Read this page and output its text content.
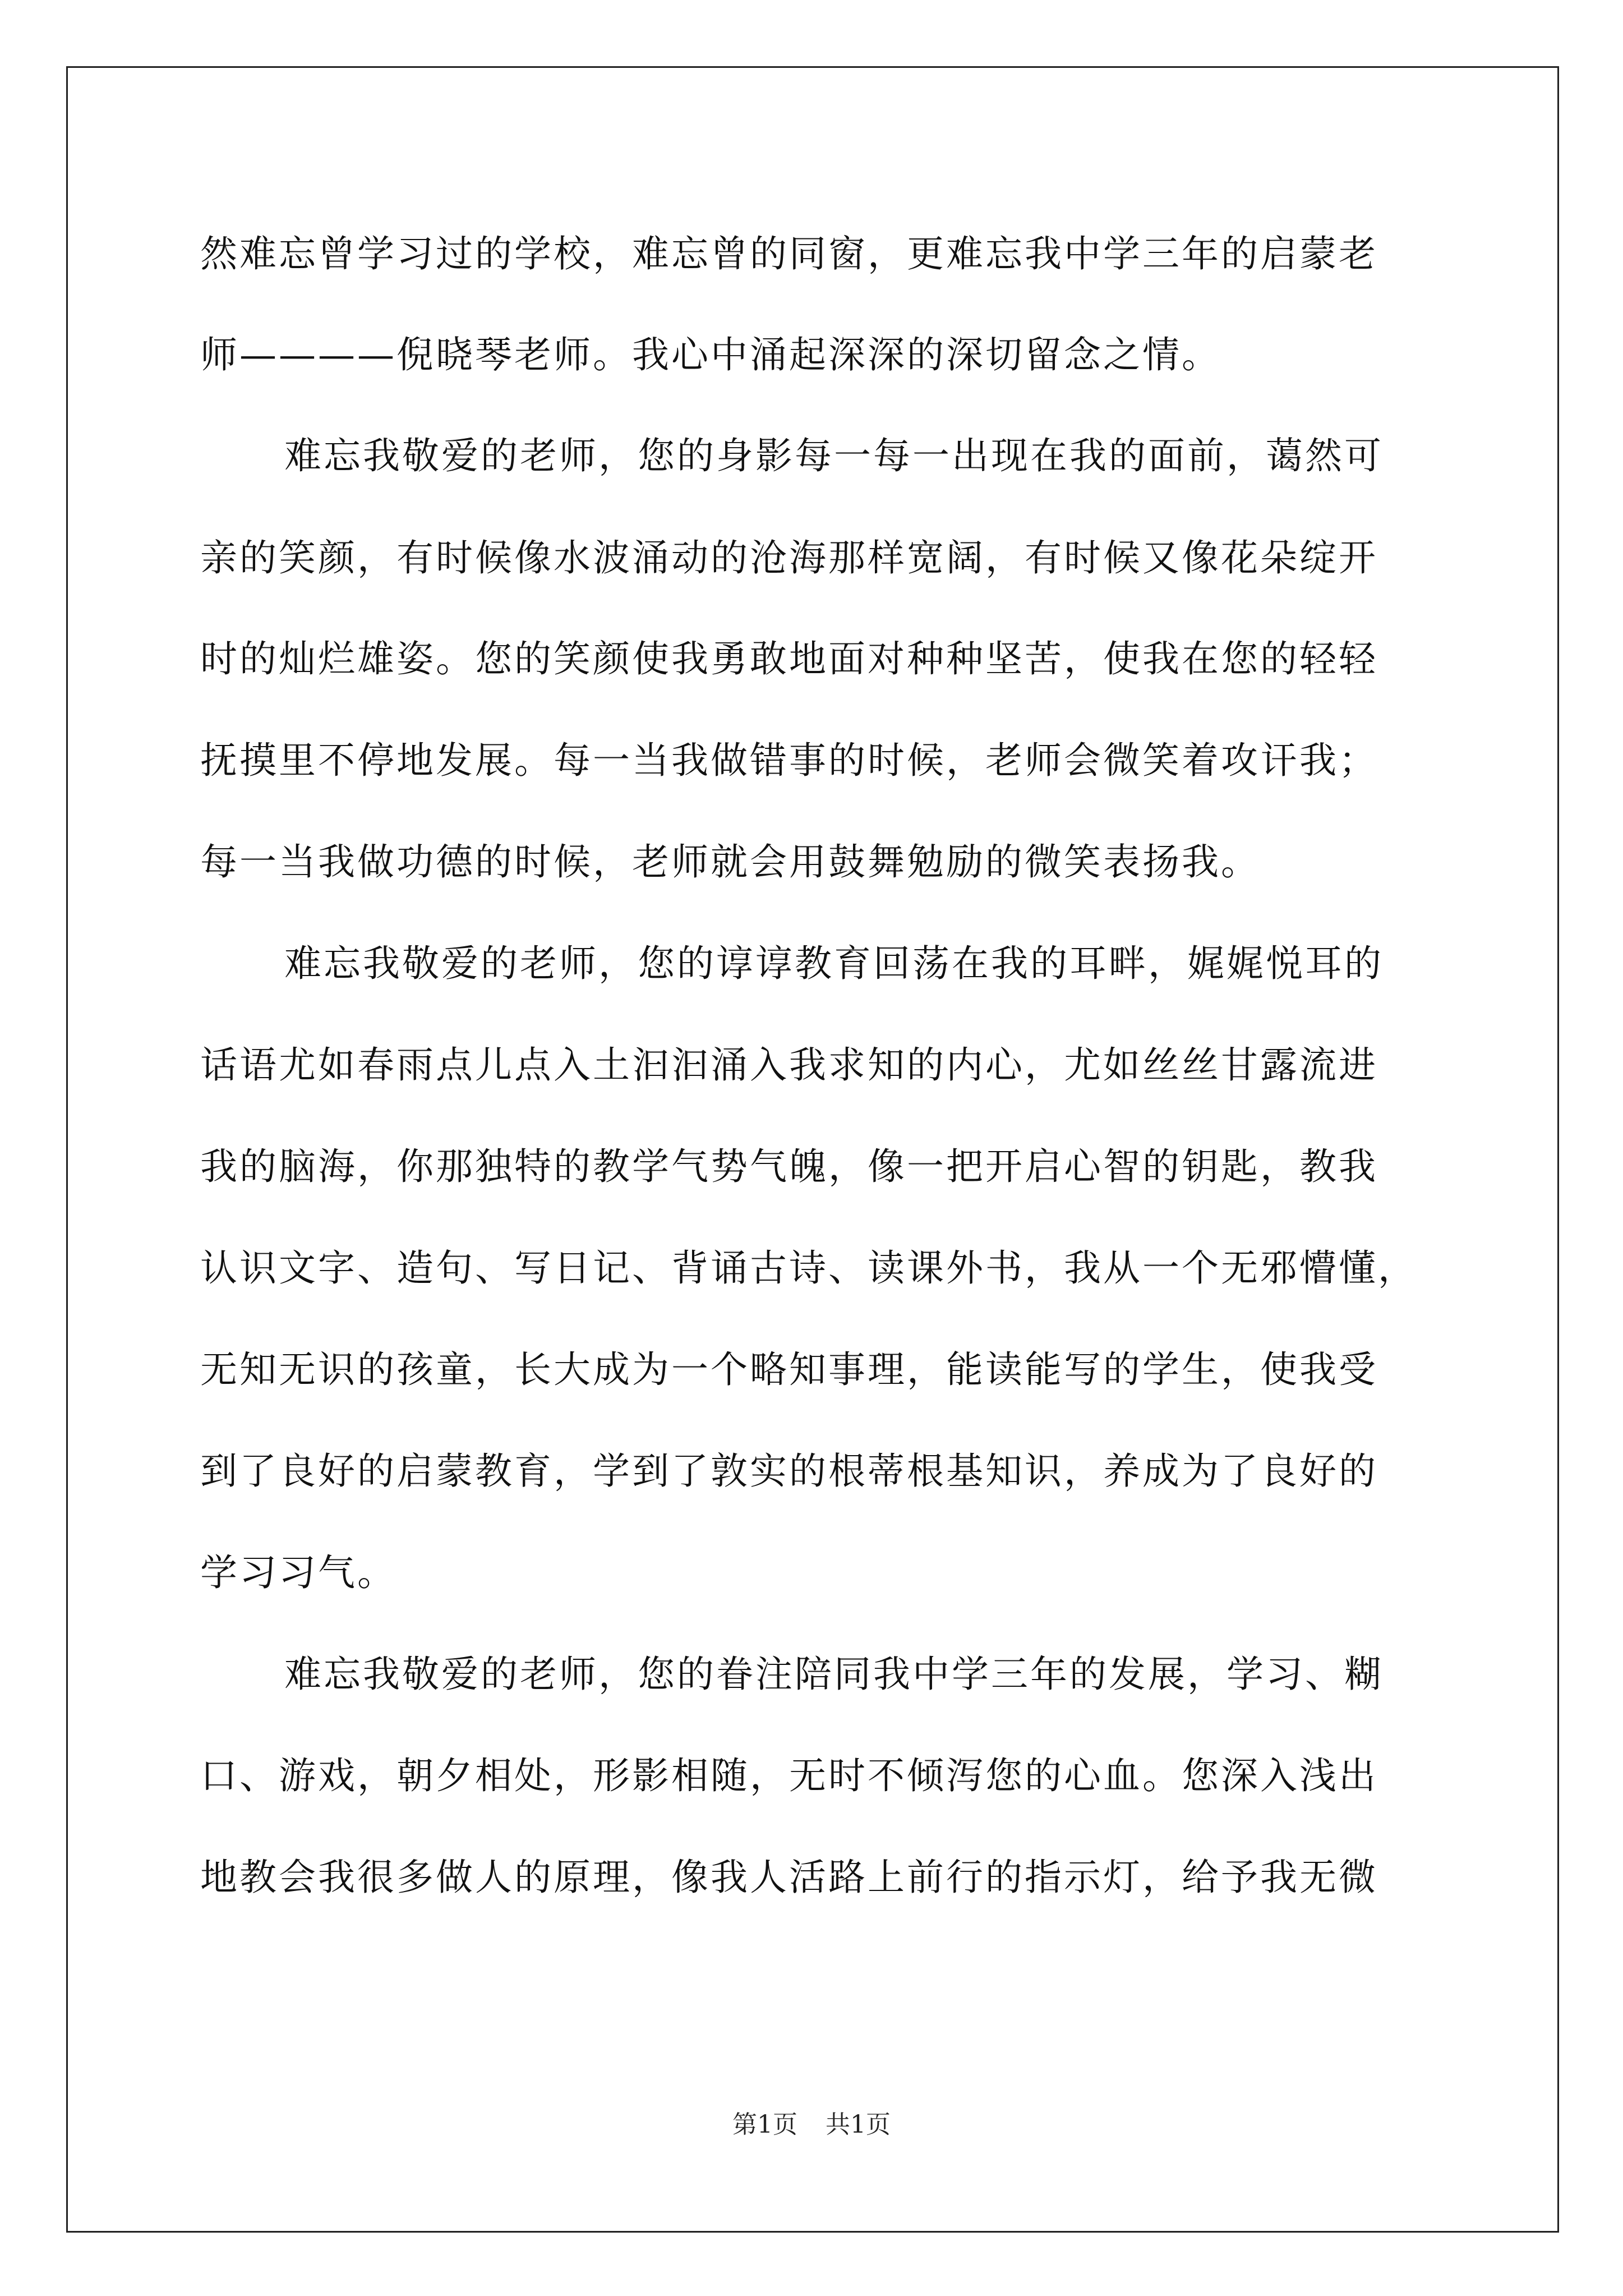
然难忘曾学习过的学校，难忘曾的同窗，更难忘我中学三年的启蒙老
师————倪晓琴老师。我心中涌起深深的深切留念之情。
难忘我敬爱的老师，您的身影每一每一出现在我的面前，蔼然可
亲的笑颜，有时候像水波涌动的沧海那样宽阔，有时候又像花朵绽开
时的灿烂雄姿。您的笑颜使我勇敢地面对种种坚苦，使我在您的轻轻
抚摸里不停地发展。每一当我做错事的时候，老师会微笑着攻讦我；
每一当我做功德的时候，老师就会用鼓舞勉励的微笑表扬我。
难忘我敬爱的老师，您的谆谆教育回荡在我的耳畔，娓娓悦耳的
话语尤如春雨点儿点入土汩汩涌入我求知的内心，尤如丝丝甘露流进
我的脑海，你那独特的教学气势气魄，像一把开启心智的钥匙，教我
认识文字、造句、写日记、背诵古诗、读课外书，我从一个无邪懵懂，
无知无识的孩童，长大成为一个略知事理，能读能写的学生，使我受
到了良好的启蒙教育，学到了敦实的根蒂根基知识，养成为了良好的
学习习气。
难忘我敬爱的老师，您的眷注陪同我中学三年的发展，学习、糊
口、游戏，朝夕相处，形影相随，无时不倾泻您的心血。您深入浅出
地教会我很多做人的原理，像我人活路上前行的指示灯，给予我无微
第1页 共1页
